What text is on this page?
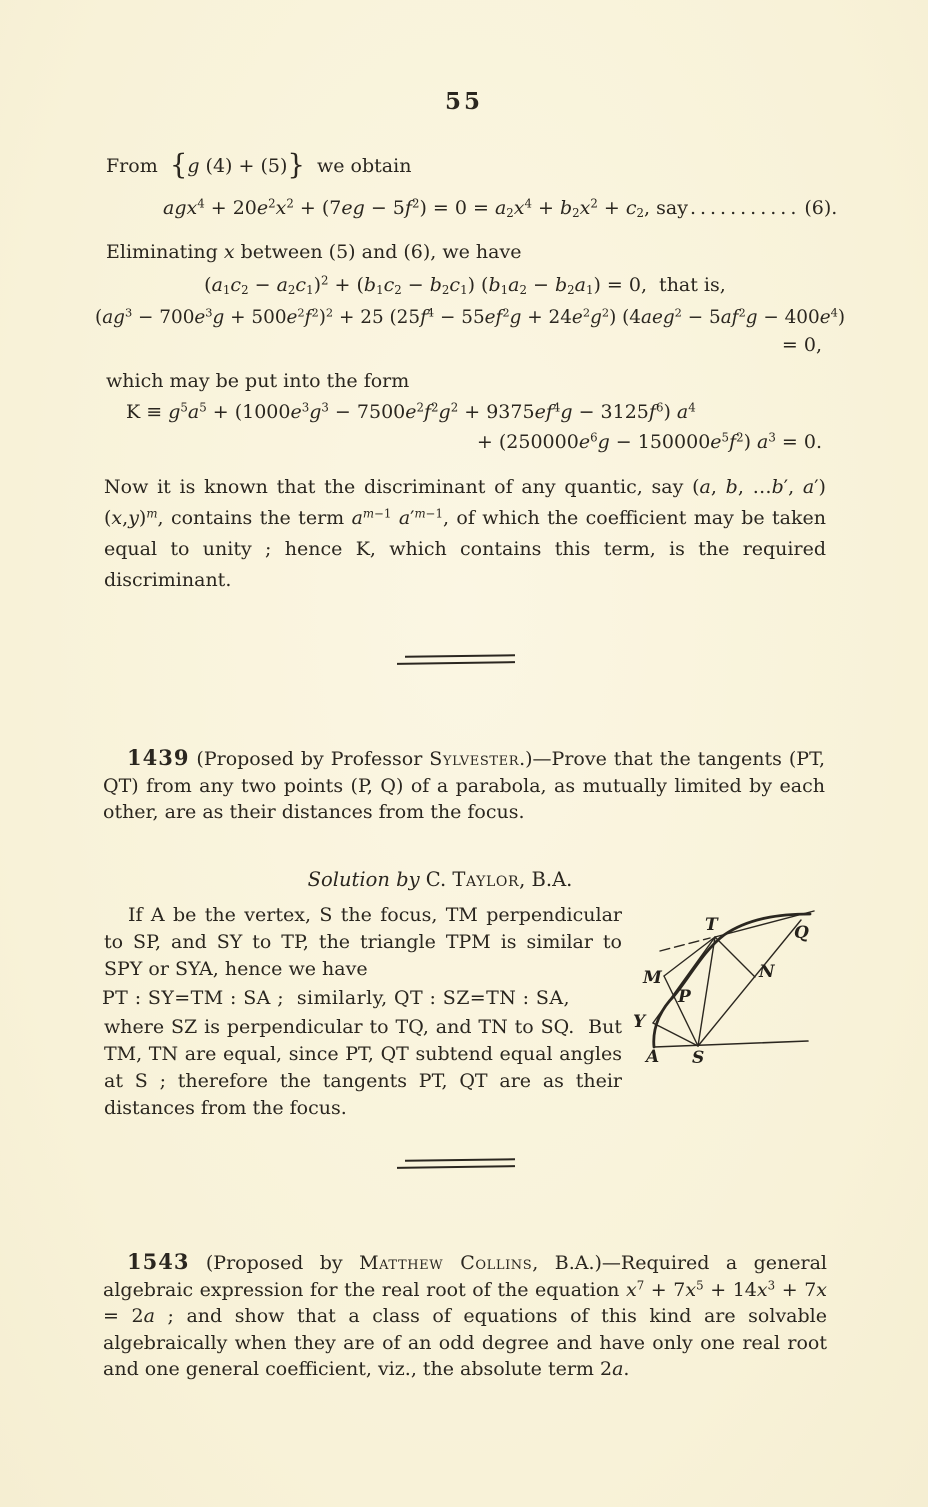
55
From  {g (4) + (5)}  we obtain
$agx^4 + 20e^2x^2 + (7eg - 5f^2) = 0 = a_2x^4 + b_2x^2 + c_2$, say ........... (6).
Eliminating x between (5) and (6), we have
$(a_1c_2 - a_2c_1)^2 + (b_1c_2 - b_2c_1) (b_1a_2 - b_2a_1) = 0$,  that is,
$(ag^3 - 700e^3g + 500e^2f^2)^2 + 25$ $(25f^4 - 55ef^2g + 24e^2g^2) (4aeg^2 - 5af^2g - 400e^4)$
= 0,
which may be put into the form
$K \equiv g^5a^5 + (1000e^3g^3 - 7500e^2f^2g^2 + 9375ef^4g - 3125f^6)$ $a^4$
+ $(250000e^6g - 150000e^5f^2) a^3 = 0$.
Now it is known that the discriminant of any quantic, say (a, b, …b′, $a')(x,y)^m$, contains the term $a^{m-1}$ $a'^{m-1}$, of which the coefficient may be taken equal to unity ; hence K, which contains this term, is the required discriminant.
1439 (Proposed by Professor Sylvester.)—Prove that the tangents (PT, QT) from any two points (P, Q) of a parabola, as mutually limited by each other, are as their distances from the focus.
Solution by C. Taylor, B.A.
If A be the vertex, S the focus, TM perpendicular to SP, and SY to TP, the triangle TPM is similar to SPY or SYA, hence we have
PT : SY=TM : SA ;  similarly, QT : SZ=TN : SA,
where SZ is perpendicular to TQ, and TN to SQ.  But TM, TN are equal, since PT, QT subtend equal angles at S ; therefore the tangents PT, QT are as their distances from the focus.
T	Q
M	N
P
Y
A S
1543 (Proposed by Matthew Collins, B.A.)—Required a general algebraic expression for the real root of the equation $x^7 + 7x^5 + 14x^3 + 7x = 2a$ ; and show that a class of equations of this kind are solvable algebraically when they are of an odd degree and have only one real root and one general coefficient, viz., the absolute term 2a.
